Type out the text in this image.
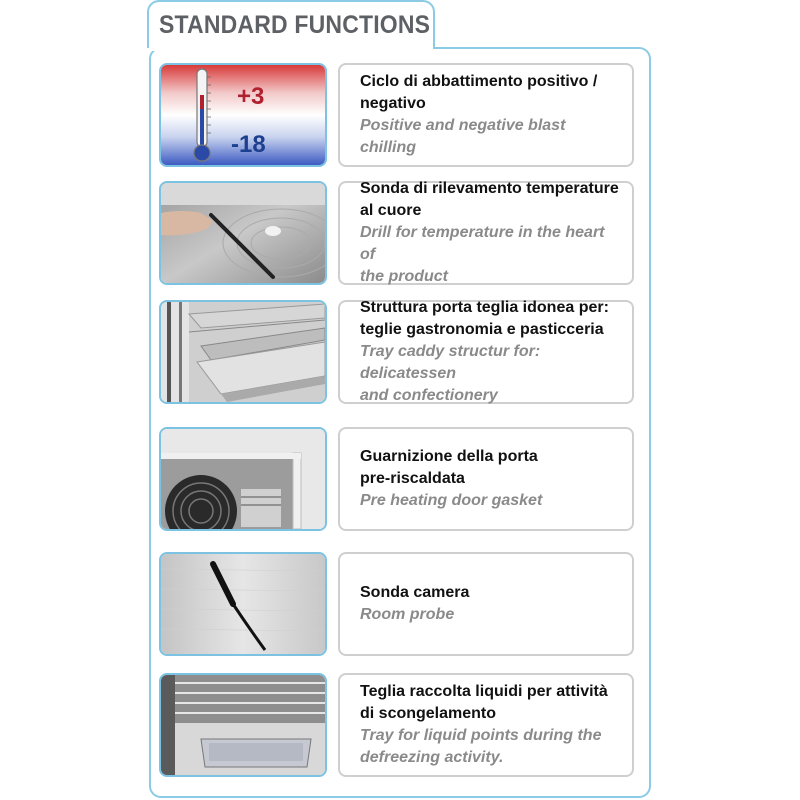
STANDARD FUNCTIONS
+3
-18
Ciclo di abbattimento positivo /
negativo
Positive and negative blast chilling
Sonda di rilevamento temperature
al cuore
Drill for temperature in the heart of
the product
Struttura porta teglia idonea per:
teglie gastronomia e pasticceria
Tray caddy structur for: delicatessen
and confectionery
Guarnizione della porta
pre-riscaldata
Pre heating door gasket
Sonda camera
Room probe
Teglia raccolta liquidi per attività
di scongelamento
Tray for liquid points during the
defreezing activity.
